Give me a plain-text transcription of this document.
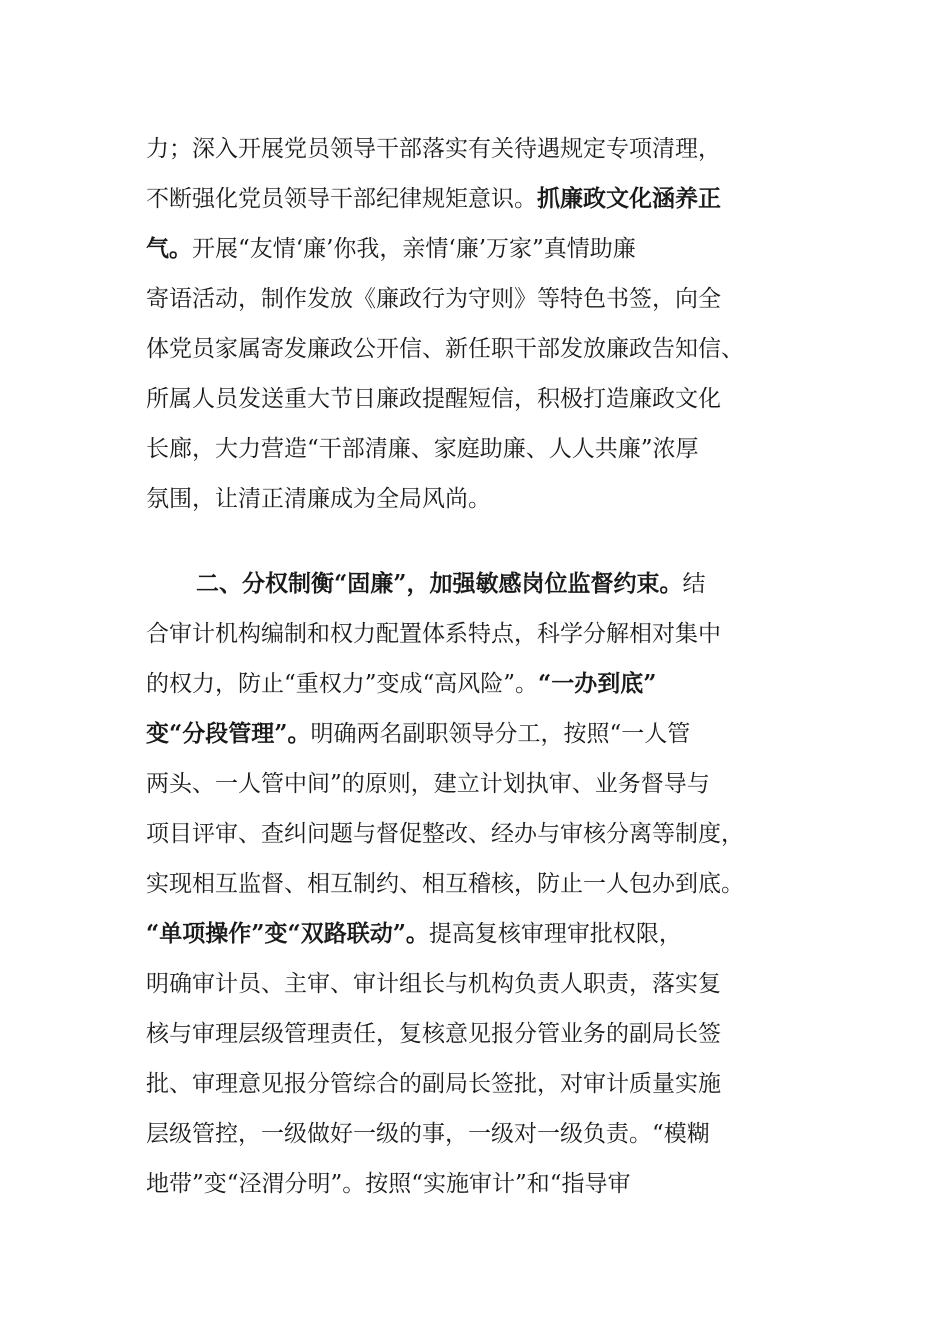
力；深入开展党员领导干部落实有关待遇规定专项清理，
不断强化党员领导干部纪律规矩意识。抓廉政文化涵养正
气。开展“友情‘廉’你我，亲情‘廉’万家”真情助廉
寄语活动，制作发放《廉政行为守则》等特色书签，向全
体党员家属寄发廉政公开信、新任职干部发放廉政告知信、
所属人员发送重大节日廉政提醒短信，积极打造廉政文化
长廊，大力营造“干部清廉、家庭助廉、人人共廉”浓厚
氛围，让清正清廉成为全局风尚。
二、分权制衡“固廉”，加强敏感岗位监督约束。结
合审计机构编制和权力配置体系特点，科学分解相对集中
的权力，防止“重权力”变成“高风险”。“一办到底”
变“分段管理”。明确两名副职领导分工，按照“一人管
两头、一人管中间”的原则，建立计划执审、业务督导与
项目评审、查纠问题与督促整改、经办与审核分离等制度，
实现相互监督、相互制约、相互稽核，防止一人包办到底。
“单项操作”变“双路联动”。提高复核审理审批权限，
明确审计员、主审、审计组长与机构负责人职责，落实复
核与审理层级管理责任，复核意见报分管业务的副局长签
批、审理意见报分管综合的副局长签批，对审计质量实施
层级管控，一级做好一级的事，一级对一级负责。“模糊
地带”变“泾渭分明”。按照“实施审计”和“指导审
